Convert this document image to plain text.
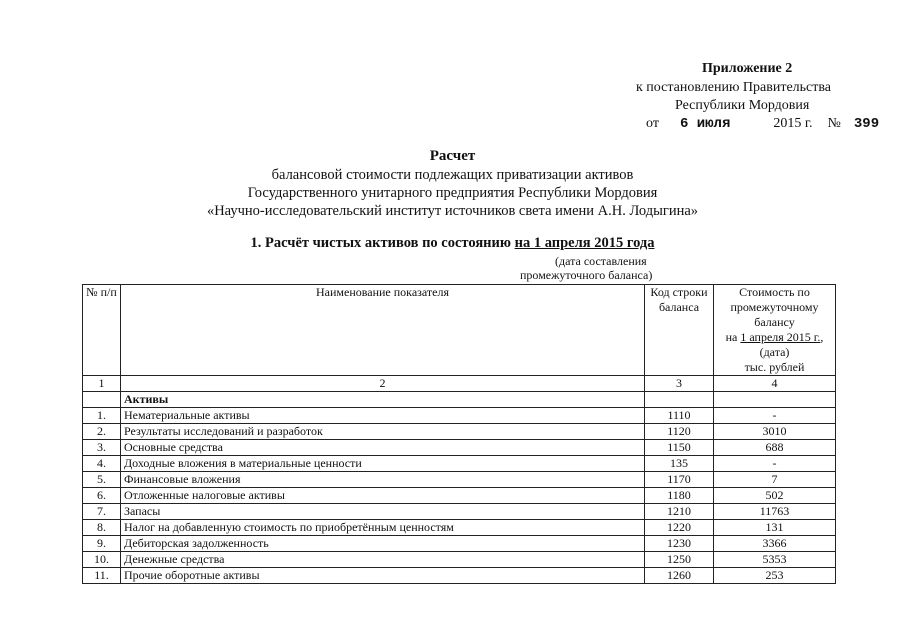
Приложение 2
к постановлению Правительства
Республики Мордовия
от 6 июля	2015 г. № 399
Расчет
балансовой стоимости подлежащих приватизации активов
Государственного унитарного предприятия Республики Мордовия
«Научно-исследовательский институт источников света имени А.Н. Лодыгина»
1. Расчёт чистых активов по состоянию на 1 апреля 2015 года
(дата составления
промежуточного баланса)
№ п/п	Наименование показателя	Код строки баланса	Стоимость по промежуточному балансу
на 1 апреля 2015 г.,
(дата)
тыс. рублей

1	2	3	4
	Активы		
1.	Нематериальные активы	1110	-
2.	Результаты исследований и разработок	1120	3010
3.	Основные средства	1150	688
4.	Доходные вложения в материальные ценности	135	-
5.	Финансовые вложения	1170	7
6.	Отложенные налоговые активы	1180	502
7.	Запасы	1210	11763
8.	Налог на добавленную стоимость по приобретённым ценностям	1220	131
9.	Дебиторская задолженность	1230	3366
10.	Денежные средства	1250	5353
11.	Прочие оборотные активы	1260	253
